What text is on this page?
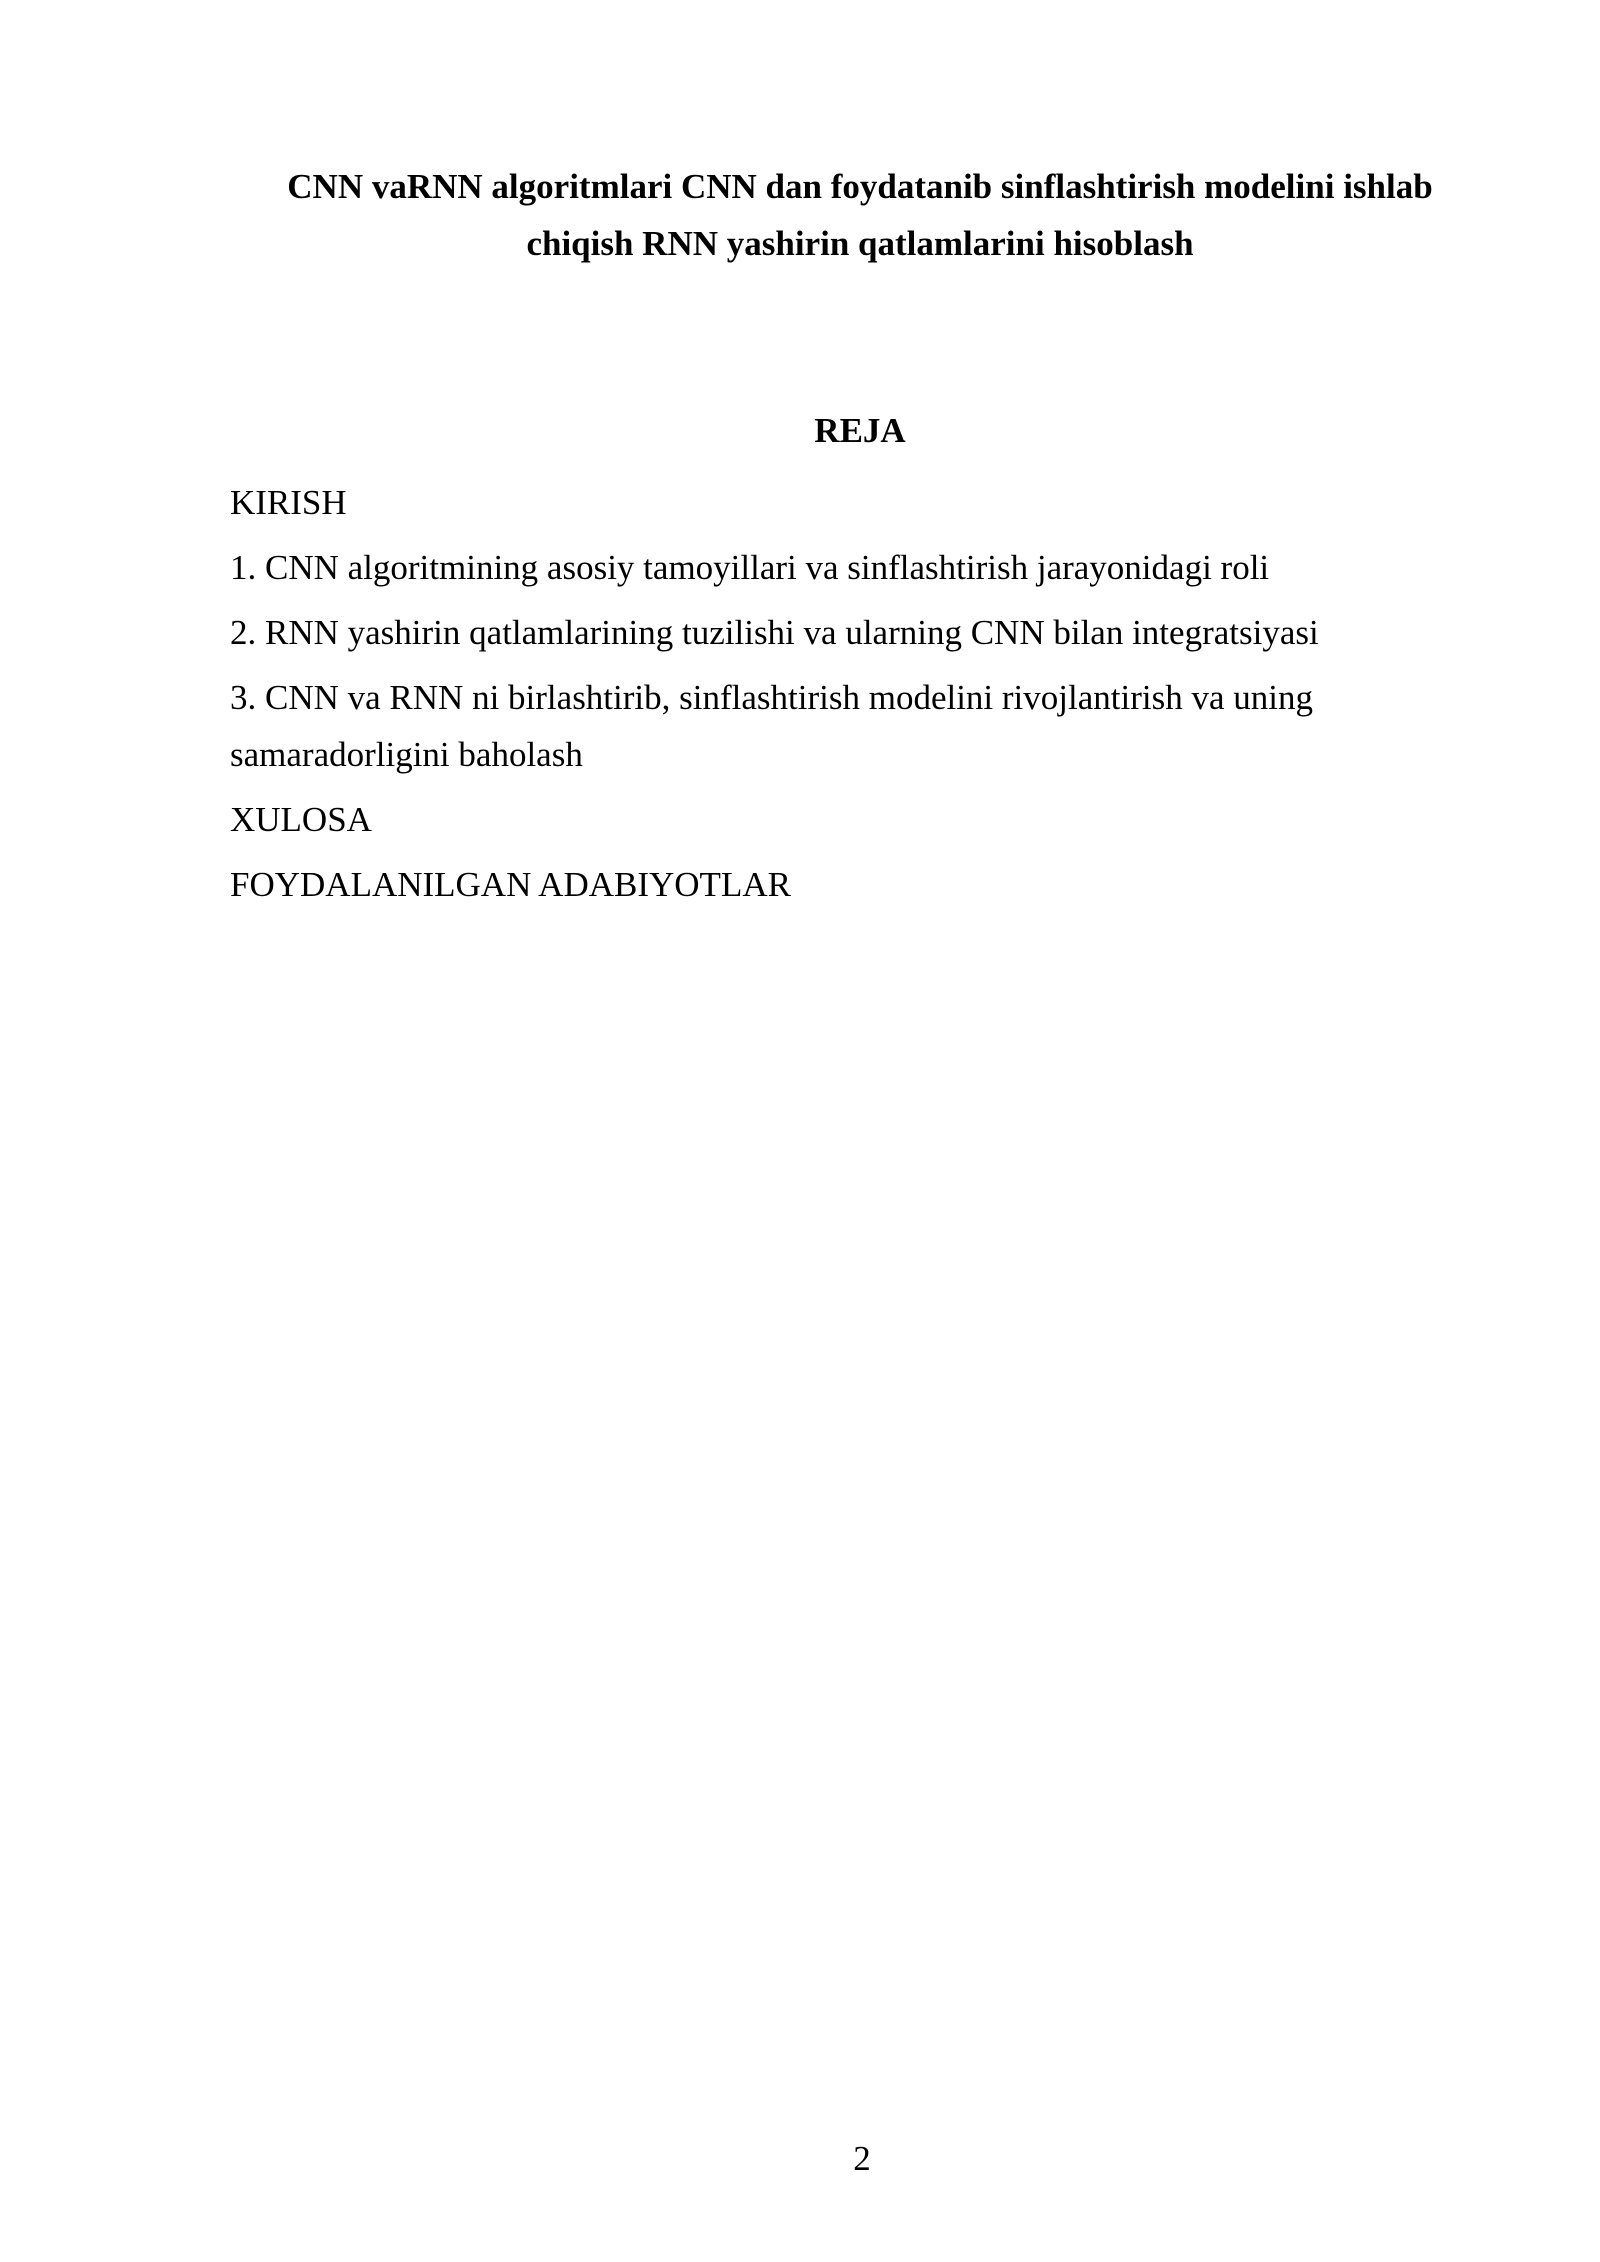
CNN vaRNN algoritmlari CNN dan foydatanib sinflashtirish modelini ishlab chiqish RNN yashirin qatlamlarini hisoblash
REJA
KIRISH
1. CNN algoritmining asosiy tamoyillari va sinflashtirish jarayonidagi roli
2. RNN yashirin qatlamlarining tuzilishi va ularning CNN bilan integratsiyasi
3. CNN va RNN ni birlashtirib, sinflashtirish modelini rivojlantirish va uning samaradorligini baholash
XULOSA
FOYDALANILGAN ADABIYOTLAR
2
